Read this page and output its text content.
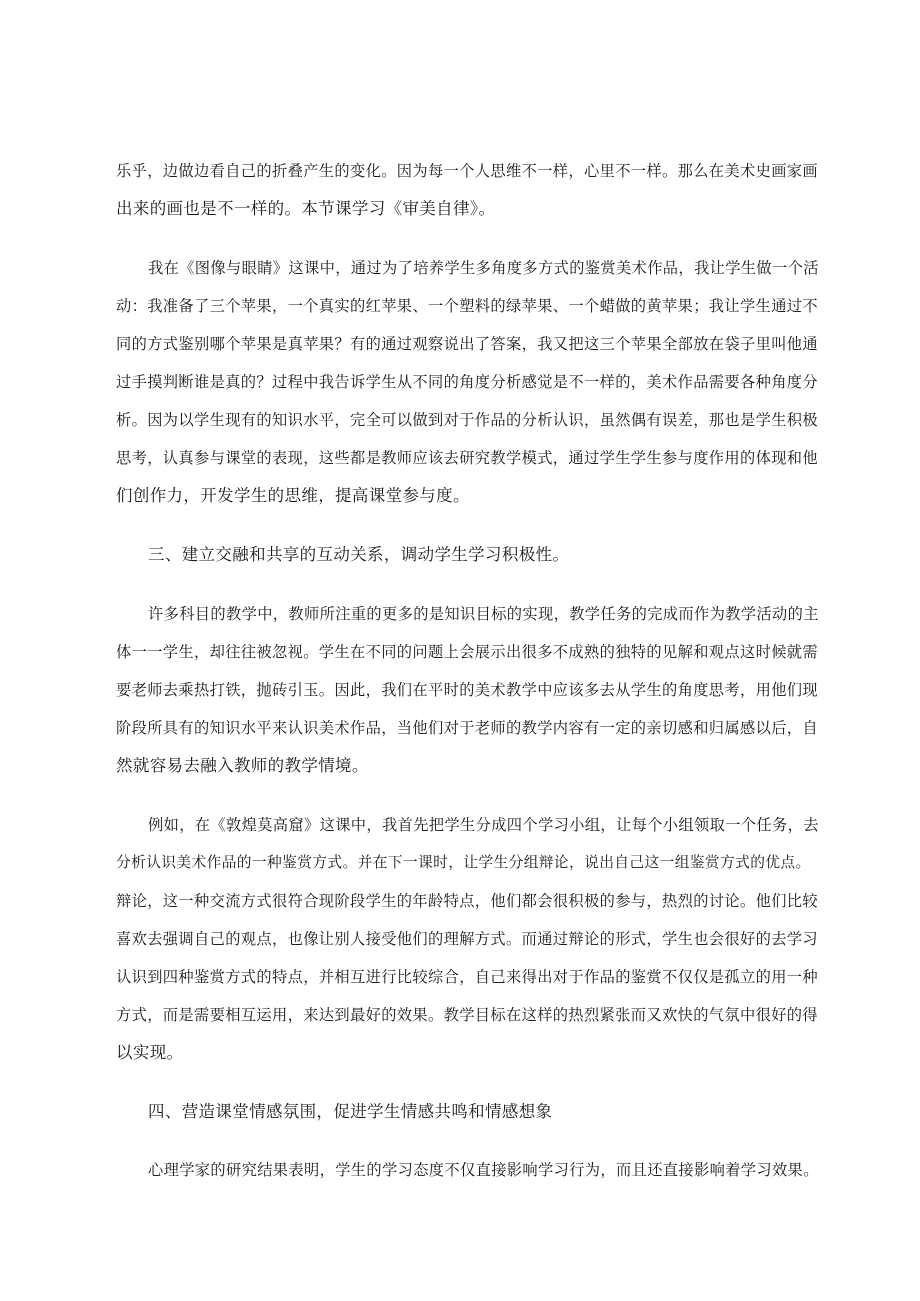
乐乎，边做边看自己的折叠产生的变化。因为每一个人思维不一样，心里不一样。那么在美术史画家画
出来的画也是不一样的。本节课学习《审美自律》。
我在《图像与眼睛》这课中，通过为了培养学生多角度多方式的鉴赏美术作品，我让学生做一个活
动：我准备了三个苹果，一个真实的红苹果、一个塑料的绿苹果、一个蜡做的黄苹果；我让学生通过不
同的方式鉴别哪个苹果是真苹果？有的通过观察说出了答案，我又把这三个苹果全部放在袋子里叫他通
过手摸判断谁是真的？过程中我告诉学生从不同的角度分析感觉是不一样的，美术作品需要各种角度分
析。因为以学生现有的知识水平，完全可以做到对于作品的分析认识，虽然偶有误差，那也是学生积极
思考，认真参与课堂的表现，这些都是教师应该去研究教学模式，通过学生学生参与度作用的体现和他
们创作力，开发学生的思维，提高课堂参与度。
三、建立交融和共享的互动关系，调动学生学习积极性。
许多科目的教学中，教师所注重的更多的是知识目标的实现，教学任务的完成而作为教学活动的主
体一一学生，却往往被忽视。学生在不同的问题上会展示出很多不成熟的独特的见解和观点这时候就需
要老师去乘热打铁，抛砖引玉。因此，我们在平时的美术教学中应该多去从学生的角度思考，用他们现
阶段所具有的知识水平来认识美术作品，当他们对于老师的教学内容有一定的亲切感和归属感以后，自
然就容易去融入教师的教学情境。
例如，在《敦煌莫高窟》这课中，我首先把学生分成四个学习小组，让每个小组领取一个任务，去
分析认识美术作品的一种鉴赏方式。并在下一课时，让学生分组辩论，说出自己这一组鉴赏方式的优点。
辩论，这一种交流方式很符合现阶段学生的年龄特点，他们都会很积极的参与，热烈的讨论。他们比较
喜欢去强调自己的观点，也像让别人接受他们的理解方式。而通过辩论的形式，学生也会很好的去学习
认识到四种鉴赏方式的特点，并相互进行比较综合，自己来得出对于作品的鉴赏不仅仅是孤立的用一种
方式，而是需要相互运用，来达到最好的效果。教学目标在这样的热烈紧张而又欢快的气氛中很好的得
以实现。
四、营造课堂情感氛围，促进学生情感共鸣和情感想象
心理学家的研究结果表明，学生的学习态度不仅直接影响学习行为，而且还直接影响着学习效果。
